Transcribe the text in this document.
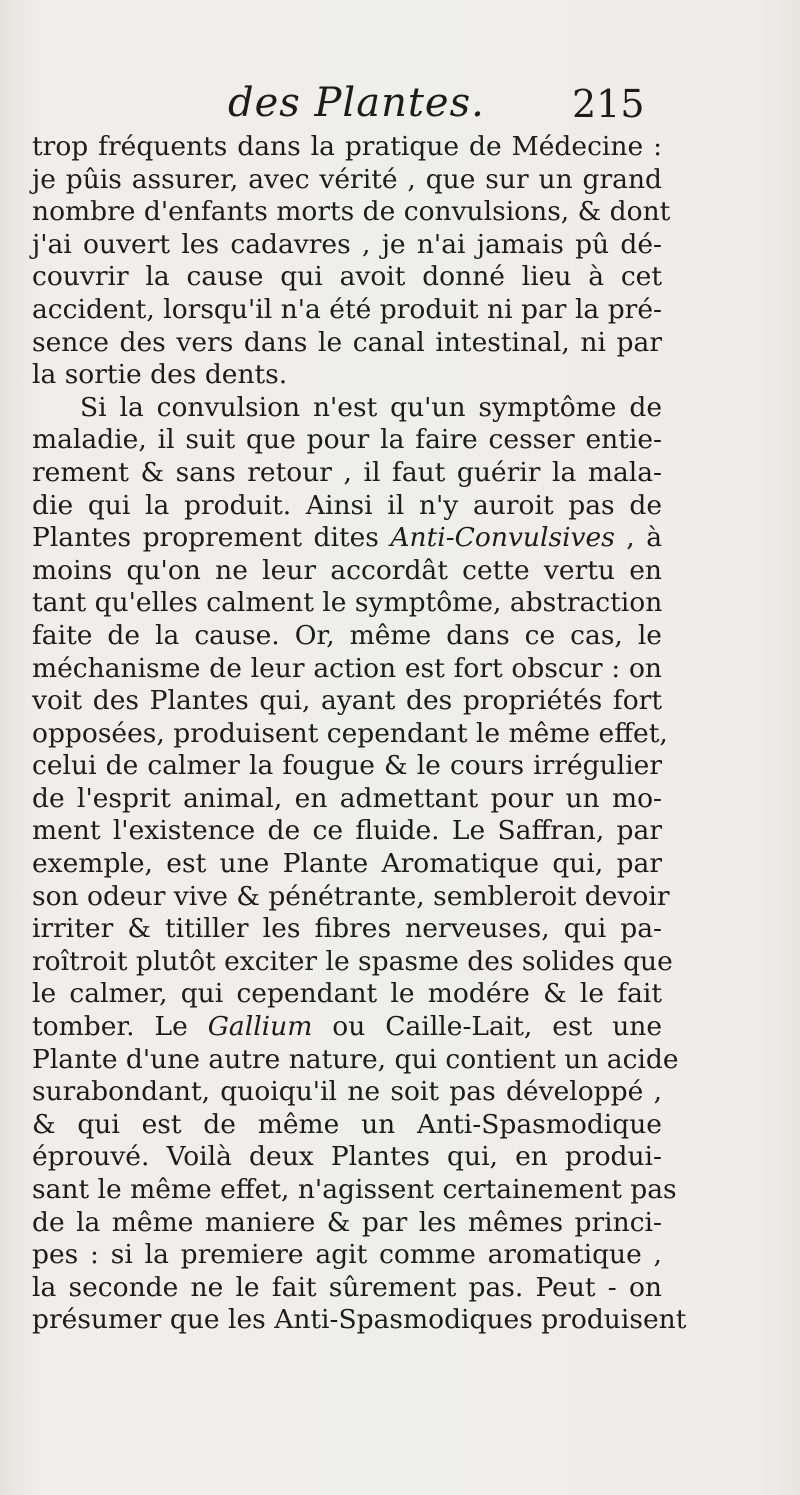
des Plantes. 215
trop fréquents dans la pratique de Médecine :
je pûis assurer, avec vérité , que sur un grand
nombre d'enfants morts de convulsions, & dont
j'ai ouvert les cadavres , je n'ai jamais pû dé-
couvrir la cause qui avoit donné lieu à cet
accident, lorsqu'il n'a été produit ni par la pré-
sence des vers dans le canal intestinal, ni par
la sortie des dents.
Si la convulsion n'est qu'un symptôme de
maladie, il suit que pour la faire cesser entie-
rement & sans retour , il faut guérir la mala-
die qui la produit. Ainsi il n'y auroit pas de
Plantes proprement dites Anti-Convulsives , à
moins qu'on ne leur accordât cette vertu en
tant qu'elles calment le symptôme, abstraction
faite de la cause. Or, même dans ce cas, le
méchanisme de leur action est fort obscur : on
voit des Plantes qui, ayant des propriétés fort
opposées, produisent cependant le même effet,
celui de calmer la fougue & le cours irrégulier
de l'esprit animal, en admettant pour un mo-
ment l'existence de ce fluide. Le Saffran, par
exemple, est une Plante Aromatique qui, par
son odeur vive & pénétrante, sembleroit devoir
irriter & titiller les fibres nerveuses, qui pa-
roîtroit plutôt exciter le spasme des solides que
le calmer, qui cependant le modére & le fait
tomber. Le Gallium ou Caille-Lait, est une
Plante d'une autre nature, qui contient un acide
surabondant, quoiqu'il ne soit pas développé ,
& qui est de même un Anti-Spasmodique
éprouvé. Voilà deux Plantes qui, en produi-
sant le même effet, n'agissent certainement pas
de la même maniere & par les mêmes princi-
pes : si la premiere agit comme aromatique ,
la seconde ne le fait sûrement pas. Peut - on
présumer que les Anti-Spasmodiques produisent
